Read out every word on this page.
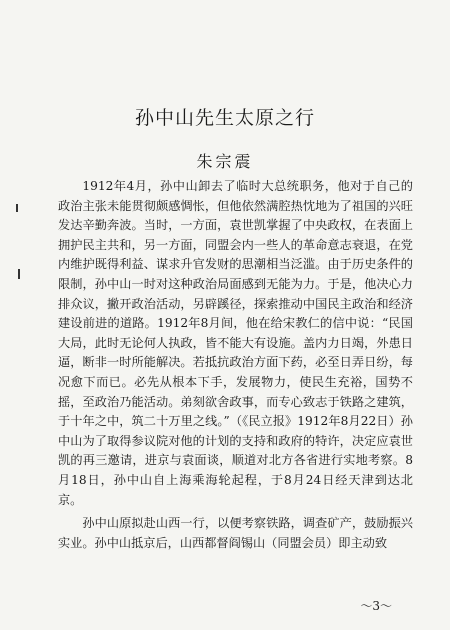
孙中山先生太原之行
朱宗震

1912年4月，孙中山卸去了临时大总统职务，他对于自己的政治主张未能贯彻颇感惆怅，但他依然满腔热忱地为了祖国的兴旺发达辛勤奔波。当时，一方面，袁世凯掌握了中央政权，在表面上拥护民主共和，另一方面，同盟会内一些人的革命意志衰退，在党内维护既得利益、谋求升官发财的思潮相当泛滥。由于历史条件的限制，孙中山一时对这种政治局面感到无能为力。于是，他决心力排众议，撇开政治活动，另辟蹊径，探索推动中国民主政治和经济建设前进的道路。1912年8月间，他在给宋教仁的信中说：“民国大局，此时无论何人执政，皆不能大有设施。盖内力日竭，外患日逼，断非一时所能解决。若抵抗政治方面下药，必至日弄日纷，每况愈下而已。必先从根本下手，发展物力，使民生充裕，国势不摇，至政治乃能活动。弟刻欲舍政事，而专心致志于铁路之建筑，于十年之中，筑二十万里之线。”（《民立报》1912年8月22日）孙中山为了取得参议院对他的计划的支持和政府的特许，决定应袁世凯的再三邀请，进京与袁面谈，顺道对北方各省进行实地考察。8月18日，孙中山自上海乘海轮起程，于8月24日经天津到达北京。

孙中山原拟赴山西一行，以便考察铁路，调查矿产，鼓励振兴实业。孙中山抵京后，山西都督阎锡山（同盟会员）即主动致

～3～
